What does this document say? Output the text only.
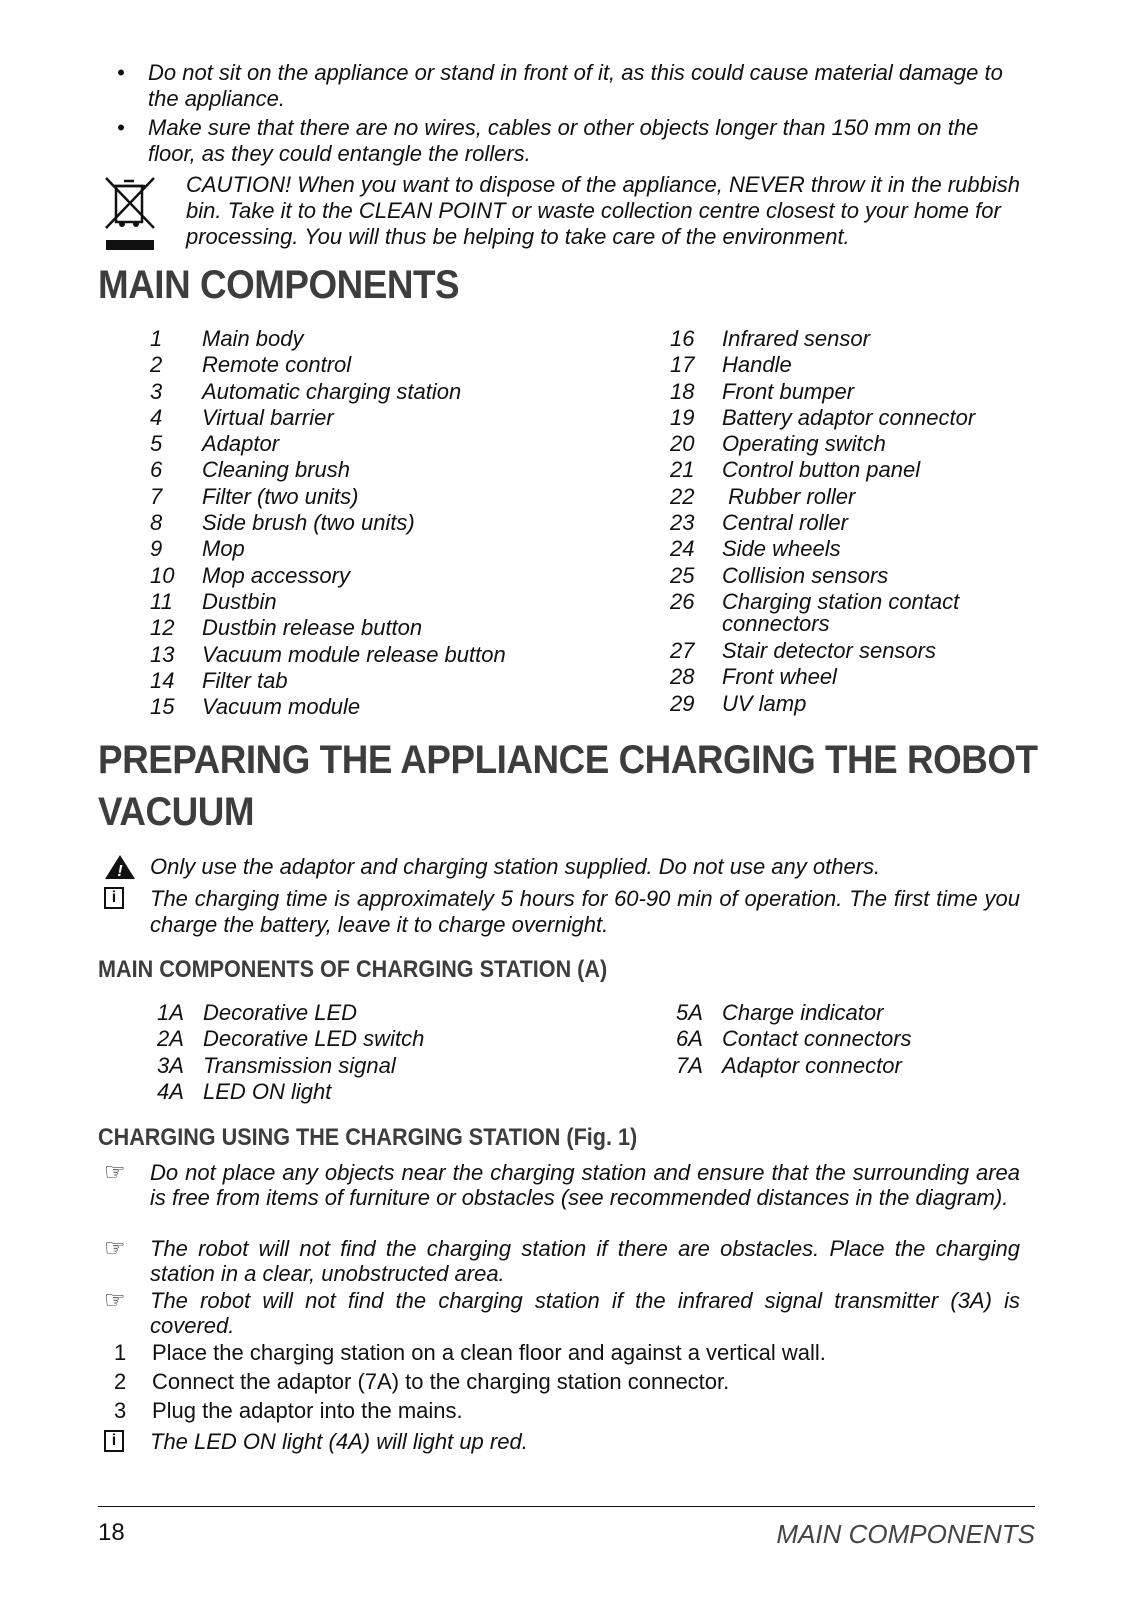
• Do not sit on the appliance or stand in front of it, as this could cause material damage to the appliance.
• Make sure that there are no wires, cables or other objects longer than 150 mm on the floor, as they could entangle the rollers.
CAUTION! When you want to dispose of the appliance, NEVER throw it in the rubbish bin. Take it to the CLEAN POINT or waste collection centre closest to your home for processing. You will thus be helping to take care of the environment.
MAIN COMPONENTS
1	Main body
2	Remote control
3	Automatic charging station
4	Virtual barrier
5	Adaptor
6	Cleaning brush
7	Filter (two units)
8	Side brush (two units)
9	Mop
10	Mop accessory
11	Dustbin
12	Dustbin release button
13	Vacuum module release button
14	Filter tab
15	Vacuum module
16	Infrared sensor
17	Handle
18	Front bumper
19	Battery adaptor connector
20	Operating switch
21	Control button panel
22	Rubber roller
23	Central roller
24	Side wheels
25	Collision sensors
26	Charging station contact
connectors
27	Stair detector sensors
28	Front wheel
29	UV lamp
PREPARING THE APPLIANCE CHARGING THE ROBOT
VACUUM
! Only use the adaptor and charging station supplied. Do not use any others.
i	The charging time is approximately 5 hours for 60-90 min of operation. The first time you charge the battery, leave it to charge overnight.
MAIN COMPONENTS OF CHARGING STATION (A)
1A Decorative LED
2A Decorative LED switch
3A Transmission signal
4A LED ON light
5A Charge indicator
6A Contact connectors
7A Adaptor connector
CHARGING USING THE CHARGING STATION (Fig. 1)
☞ Do not place any objects near the charging station and ensure that the surrounding area is free from items of furniture or obstacles (see recommended distances in the diagram).
☞ The robot will not find the charging station if there are obstacles. Place the charging station in a clear, unobstructed area.
☞ The robot will not find the charging station if the infrared signal transmitter (3A) is covered.
1 Place the charging station on a clean floor and against a vertical wall.
2 Connect the adaptor (7A) to the charging station connector.
3 Plug the adaptor into the mains.
i	The LED ON light (4A) will light up red.
18	MAIN COMPONENTS
